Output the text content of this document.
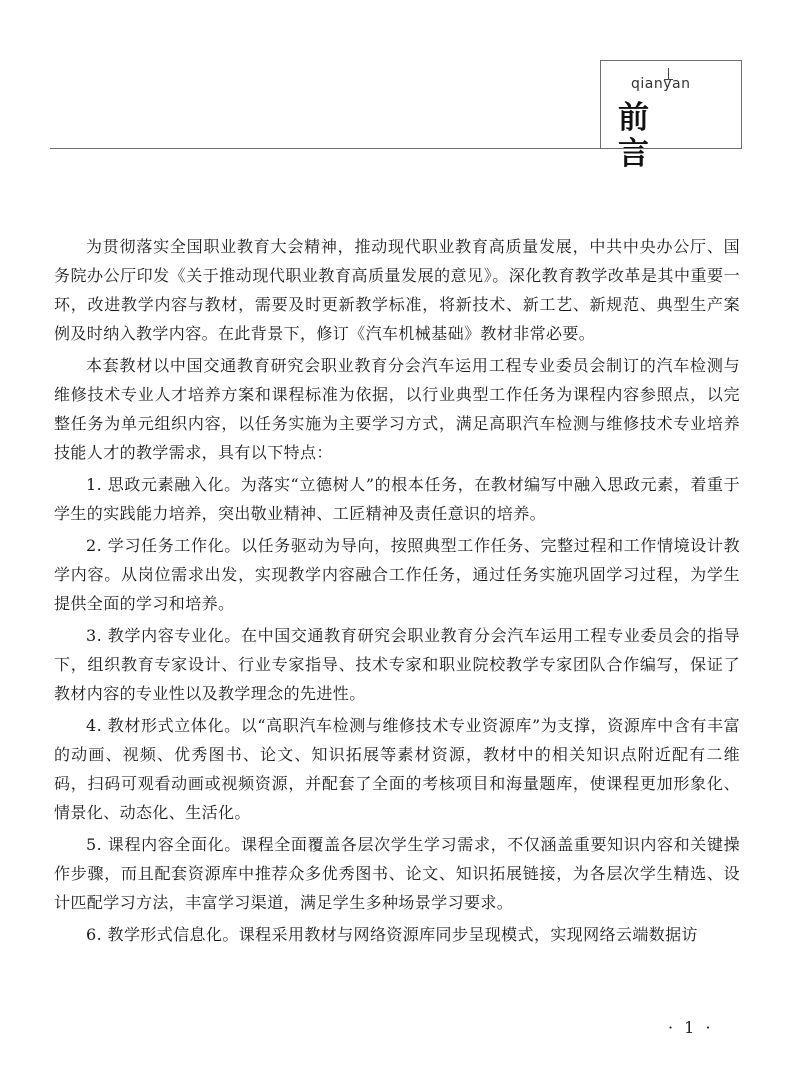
qianyan
前 言

为贯彻落实全国职业教育大会精神，推动现代职业教育高质量发展，中共中央办公厅、国务院办公厅印发《关于推动现代职业教育高质量发展的意见》。深化教育教学改革是其中重要一环，改进教学内容与教材，需要及时更新教学标准，将新技术、新工艺、新规范、典型生产案例及时纳入教学内容。在此背景下，修订《汽车机械基础》教材非常必要。

本套教材以中国交通教育研究会职业教育分会汽车运用工程专业委员会制订的汽车检测与维修技术专业人才培养方案和课程标准为依据，以行业典型工作任务为课程内容参照点，以完整任务为单元组织内容，以任务实施为主要学习方式，满足高职汽车检测与维修技术专业培养技能人才的教学需求，具有以下特点：

1. 思政元素融入化。为落实“立德树人”的根本任务，在教材编写中融入思政元素，着重于学生的实践能力培养，突出敬业精神、工匠精神及责任意识的培养。

2. 学习任务工作化。以任务驱动为导向，按照典型工作任务、完整过程和工作情境设计教学内容。从岗位需求出发，实现教学内容融合工作任务，通过任务实施巩固学习过程，为学生提供全面的学习和培养。

3. 教学内容专业化。在中国交通教育研究会职业教育分会汽车运用工程专业委员会的指导下，组织教育专家设计、行业专家指导、技术专家和职业院校教学专家团队合作编写，保证了教材内容的专业性以及教学理念的先进性。

4. 教材形式立体化。以“高职汽车检测与维修技术专业资源库”为支撑，资源库中含有丰富的动画、视频、优秀图书、论文、知识拓展等素材资源，教材中的相关知识点附近配有二维码，扫码可观看动画或视频资源，并配套了全面的考核项目和海量题库，使课程更加形象化、情景化、动态化、生活化。

5. 课程内容全面化。课程全面覆盖各层次学生学习需求，不仅涵盖重要知识内容和关键操作步骤，而且配套资源库中推荐众多优秀图书、论文、知识拓展链接，为各层次学生精选、设计匹配学习方法，丰富学习渠道，满足学生多种场景学习要求。

6. 教学形式信息化。课程采用教材与网络资源库同步呈现模式，实现网络云端数据访

· 1 ·
